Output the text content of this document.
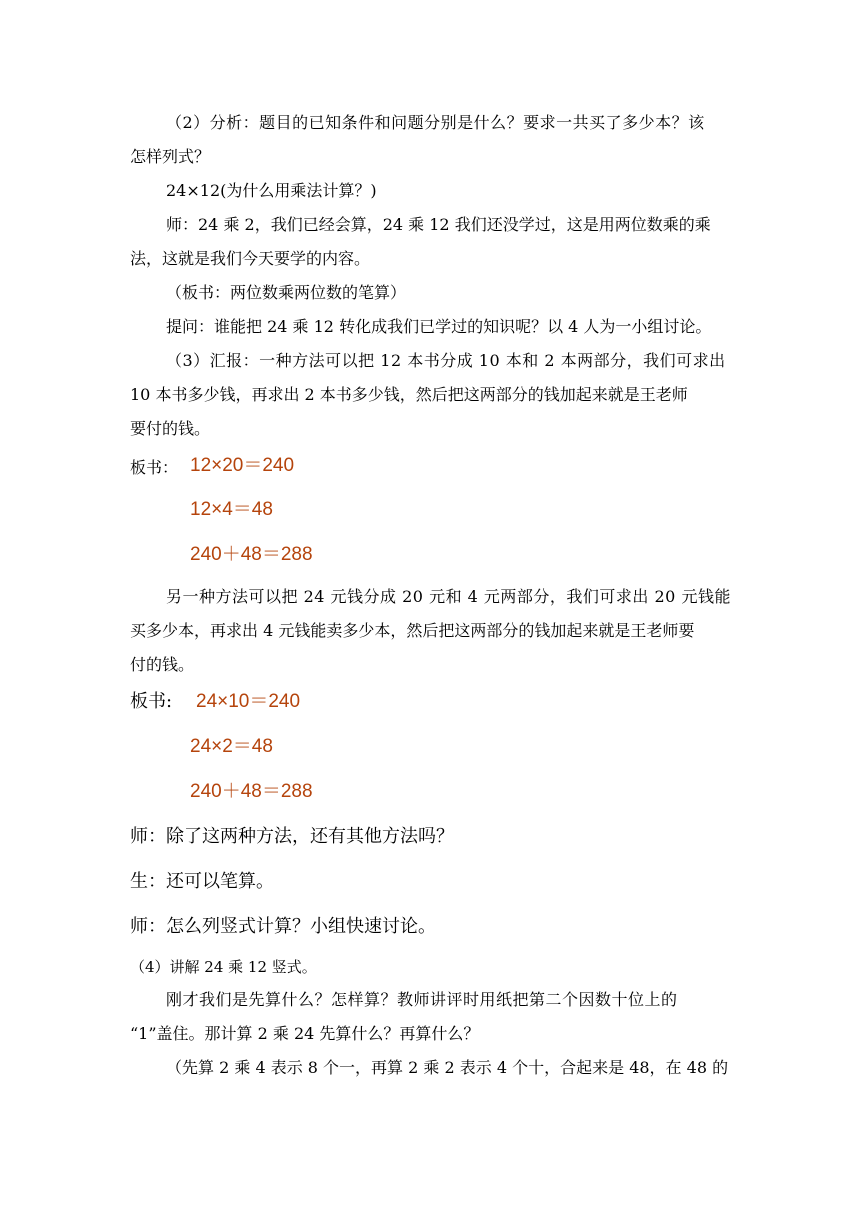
（2）分析：题目的已知条件和问题分别是什么？要求一共买了多少本？该
怎样列式？
24×12(为什么用乘法计算？)
师：24 乘 2，我们已经会算，24 乘 12 我们还没学过，这是用两位数乘的乘
法，这就是我们今天要学的内容。
（板书：两位数乘两位数的笔算）
提问：谁能把 24 乘 12 转化成我们已学过的知识呢？以 4 人为一小组讨论。
（3）汇报：一种方法可以把 12 本书分成 10 本和 2 本两部分，我们可求出
10 本书多少钱，再求出 2 本书多少钱，然后把这两部分的钱加起来就是王老师
要付的钱。
板书： 12×20＝240
12×4＝48
240＋48＝288
另一种方法可以把 24 元钱分成 20 元和 4 元两部分，我们可求出 20 元钱能
买多少本，再求出 4 元钱能卖多少本，然后把这两部分的钱加起来就是王老师要
付的钱。
板书: 24×10＝240
24×2＝48
240＋48＝288
师：除了这两种方法，还有其他方法吗？
生：还可以笔算。
师：怎么列竖式计算？小组快速讨论。
（4）讲解 24 乘 12 竖式。
刚才我们是先算什么？怎样算？教师讲评时用纸把第二个因数十位上的
“1”盖住。那计算 2 乘 24 先算什么？再算什么？
（先算 2 乘 4 表示 8 个一，再算 2 乘 2 表示 4 个十，合起来是 48，在 48 的
